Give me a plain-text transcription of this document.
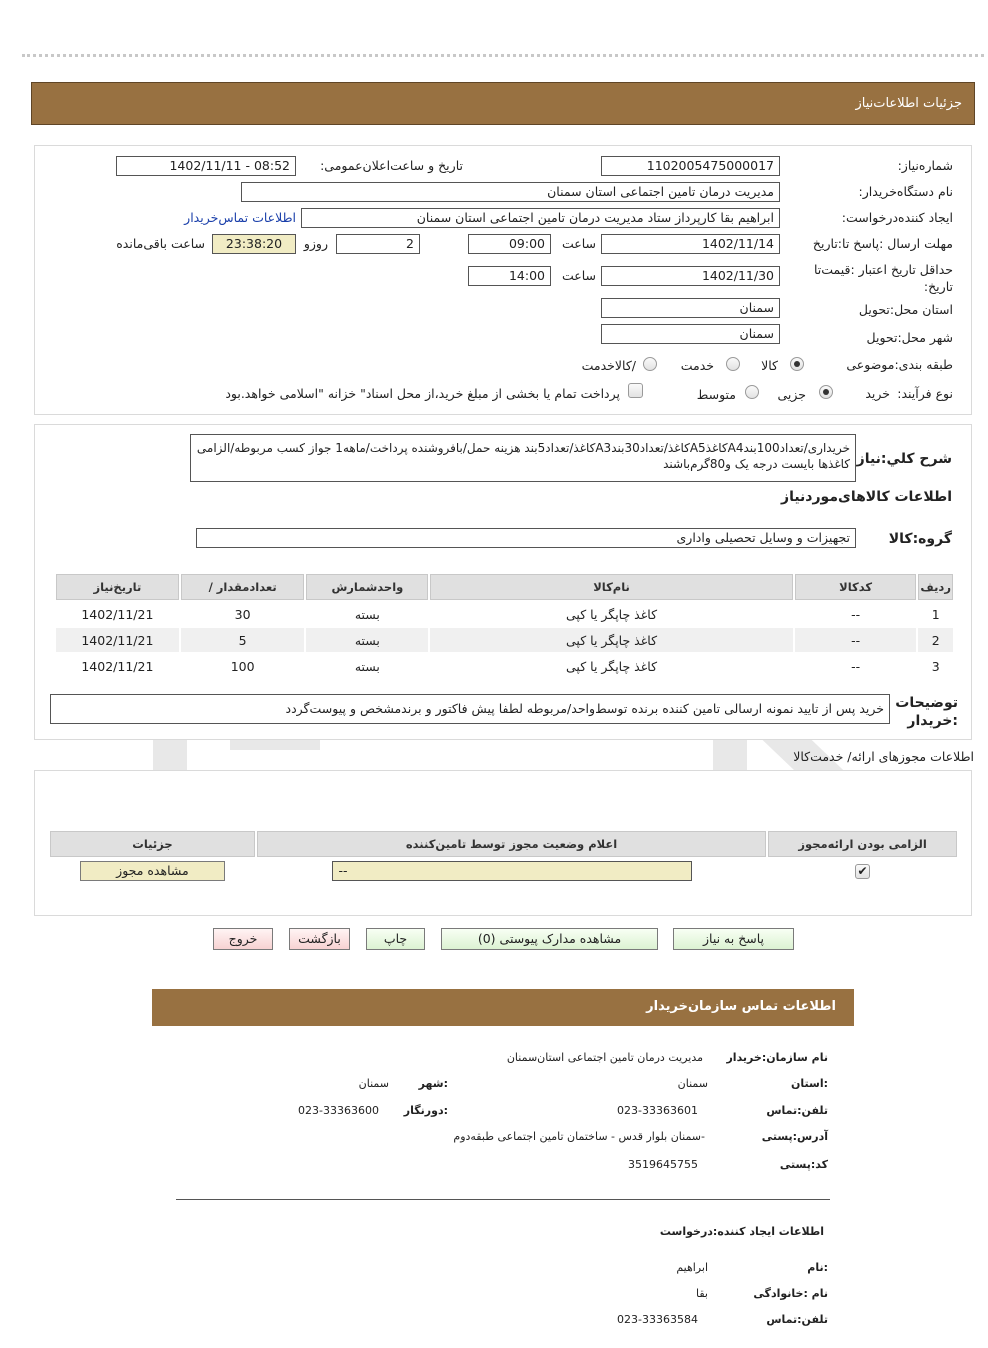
جزئیات اطلاعات‌نیاز
شماره‌نیاز:
1102005475000017
تاریخ و ساعت‌اعلان‌عمومی:
1402/11/11 - 08:52
نام دستگاه‌خریدار:
مدیریت درمان تامین اجتماعی استان سمنان
ایجاد کننده‌درخواست:
ابراهیم بقا کارپرداز ستاد مدیریت درمان تامین اجتماعی استان سمنان
اطلاعات تماس‌خریدار
مهلت ارسال :پاسخ تا:تاریخ
1402/11/14
ساعت
09:00
2
روزو
23:38:20
ساعت باقی‌مانده
حداقل تاریخ اعتبار :قیمت‌تا تاریخ:
1402/11/30
ساعت
14:00
استان محل:تحویل
سمنان
شهر محل:تحویل
سمنان
طبقه بندی:موضوعی
کالا
خدمت
/کالاخدمت
نوع فرآیند:
خرید
جزیی
متوسط
پرداخت تمام یا بخشی از مبلغ خرید،از محل اسناد" خزانه "اسلامی خواهد.بود
شرح کلي:نياز
خریداری/تعداد100بندA4کاغذA5کاغذ/تعداد30بندA3کاغذ/تعداد5بند هزینه حمل/بافروشنده پرداخت/ماهه1 جواز کسب مربوطه/الزامی کاغذها بایست درجه یک و80گرم‌باشند
اطلاعات کالاهای‌موردنیاز
گروه:کالا
تجهیزات و وسایل تحصیلی واداری
تاریخ‌نیاز	/ تعدادمقدار	واحدشمارش	نام‌کالا	کدکالا	ردیف
1402/11/21	30	بسته	کاغذ چاپگر یا کپی	--	1
1402/11/21	5	بسته	کاغذ چاپگر یا کپی	--	2
1402/11/21	100	بسته	کاغذ چاپگر یا کپی	--	3
توضیحات :خریدار
خرید پس از تایید نمونه ارسالی تامین کننده برنده توسط‌واحد/مربوطه لطفا پیش فاکتور و برندمشخص و پیوست‌گردد
اطلاعات مجوزهای ارائه/ خدمت‌کالا
جزئیات	اعلام وضعیت مجوز توسط تامین‌کننده	الزامی بودن ارائه‌مجوز
مشاهده مجوز	--	✔
پاسخ به نیاز
مشاهده مدارک پیوستی (0)
چاپ
بازگشت
خروج
اطلاعات تماس سازمان‌خریدار
نام سازمان:خریدار
مدیریت درمان تامین اجتماعی استان‌سمنان
:استان
سمنان
:شهر
سمنان
تلفن:تماس
023-33363601
:دورنگار
023-33363600
آدرس:پستی
-سمنان بلوار قدس - ساختمان تامین اجتماعی طبقه‌دوم
کد:پستی
3519645755
اطلاعات ایجاد کننده:درخواست
:نام
ابراهیم
نام :خانوادگی
بقا
تلفن:تماس
023-33363584
